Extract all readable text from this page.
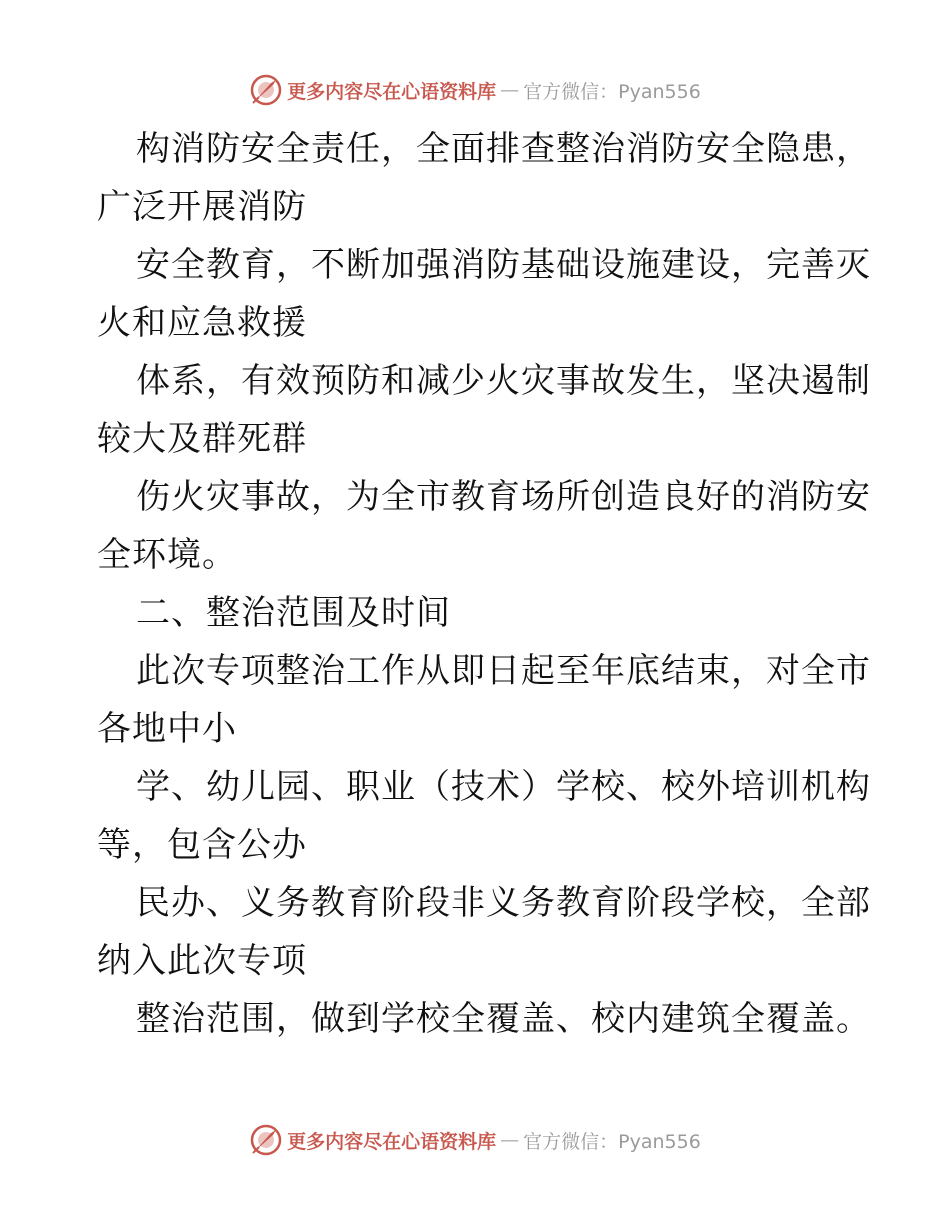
更多内容尽在心语资料库 — 官方微信：Pyan556
构消防安全责任，全面排查整治消防安全隐患，
广泛开展消防
安全教育，不断加强消防基础设施建设，完善灭
火和应急救援
体系，有效预防和减少火灾事故发生，坚决遏制
较大及群死群
伤火灾事故，为全市教育场所创造良好的消防安
全环境。
二、整治范围及时间
此次专项整治工作从即日起至年底结束，对全市
各地中小
学、幼儿园、职业（技术）学校、校外培训机构
等，包含公办
民办、义务教育阶段非义务教育阶段学校，全部
纳入此次专项
整治范围，做到学校全覆盖、校内建筑全覆盖。
更多内容尽在心语资料库 — 官方微信：Pyan556
